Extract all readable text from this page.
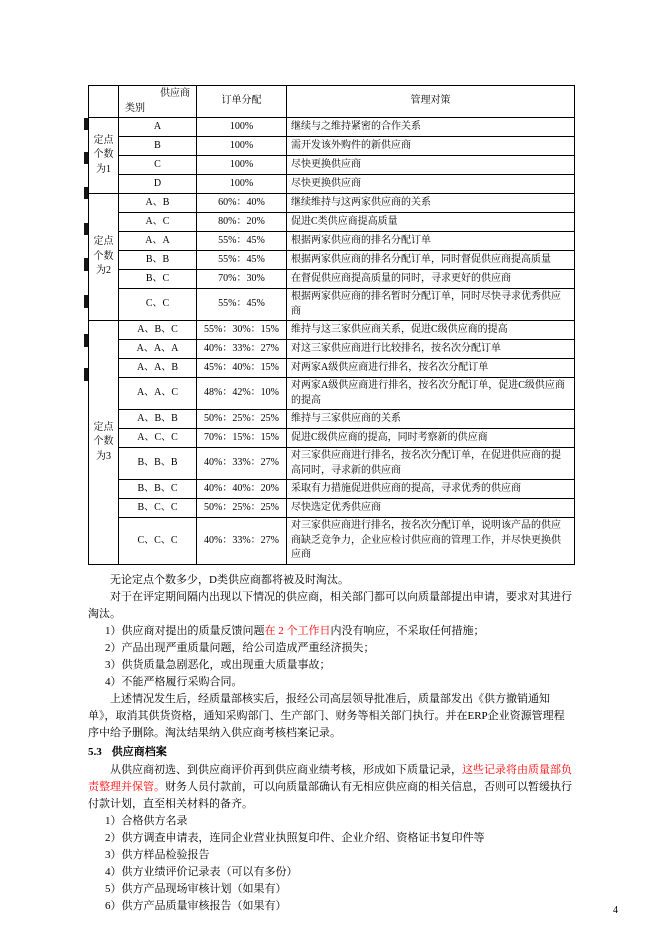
	供应商
类别	订单分配	管理对策
定点个数为1	A	100%	继续与之维持紧密的合作关系
	B	100%	需开发该外购件的新供应商
	C	100%	尽快更换供应商
	D	100%	尽快更换供应商
定点个数为2	A、B	60%：40%	继续维持与这两家供应商的关系
	A、C	80%：20%	促进C类供应商提高质量
	A、A	55%：45%	根据两家供应商的排名分配订单
	B、B	55%：45%	根据两家供应商的排名分配订单，同时督促供应商提高质量
	B、C	70%：30%	在督促供应商提高质量的同时，寻求更好的供应商
	C、C	55%：45%	根据两家供应商的排名暂时分配订单，同时尽快寻求优秀供应商
定点个数为3	A、B、C	55%：30%：15%	维持与这三家供应商关系，促进C级供应商的提高
	A、A、A	40%：33%：27%	对这三家供应商进行比较排名，按名次分配订单
	A、A、B	45%：40%：15%	对两家A级供应商进行排名，按名次分配订单
	A、A、C	48%：42%：10%	对两家A级供应商进行排名，按名次分配订单，促进C级供应商的提高
	A、B、B	50%：25%：25%	维持与三家供应商的关系
	A、C、C	70%：15%：15%	促进C级供应商的提高，同时考察新的供应商
	B、B、B	40%：33%：27%	对三家供应商进行排名，按名次分配订单，在促进供应商的提高同时，寻求新的供应商
	B、B、C	40%：40%：20%	采取有力措施促进供应商的提高，寻求优秀的供应商
	B、C、C	50%：25%：25%	尽快选定优秀供应商
	C、C、C	40%：33%：27%	对三家供应商进行排名，按名次分配订单，说明该产品的供应商缺乏竞争力，企业应检讨供应商的管理工作，并尽快更换供应商

无论定点个数多少，D类供应商都将被及时淘汰。

对于在评定期间隔内出现以下情况的供应商，相关部门都可以向质量部提出申请，要求对其进行淘汰。

1）供应商对提出的质量反馈问题在 2 个工作日内没有响应，不采取任何措施；
2）产品出现严重质量问题，给公司造成严重经济损失；
3）供货质量急剧恶化，或出现重大质量事故；
4）不能严格履行采购合同。

上述情况发生后，经质量部核实后，报经公司高层领导批准后，质量部发出《供方撤销通知单》，取消其供货资格，通知采购部门、生产部门、财务等相关部门执行。并在ERP企业资源管理程序中给予删除。淘汰结果纳入供应商考核档案记录。

5.3 供应商档案

从供应商初选、到供应商评价再到供应商业绩考核，形成如下质量记录，这些记录将由质量部负责整理并保管。财务人员付款前，可以向质量部确认有无相应供应商的相关信息，否则可以暂缓执行付款计划，直至相关材料的备齐。

1）合格供方名录
2）供方调查申请表，连同企业营业执照复印件、企业介绍、资格证书复印件等
3）供方样品检验报告
4）供方业绩评价记录表（可以有多份）
5）供方产品现场审核计划（如果有）
6）供方产品质量审核报告（如果有）	4
